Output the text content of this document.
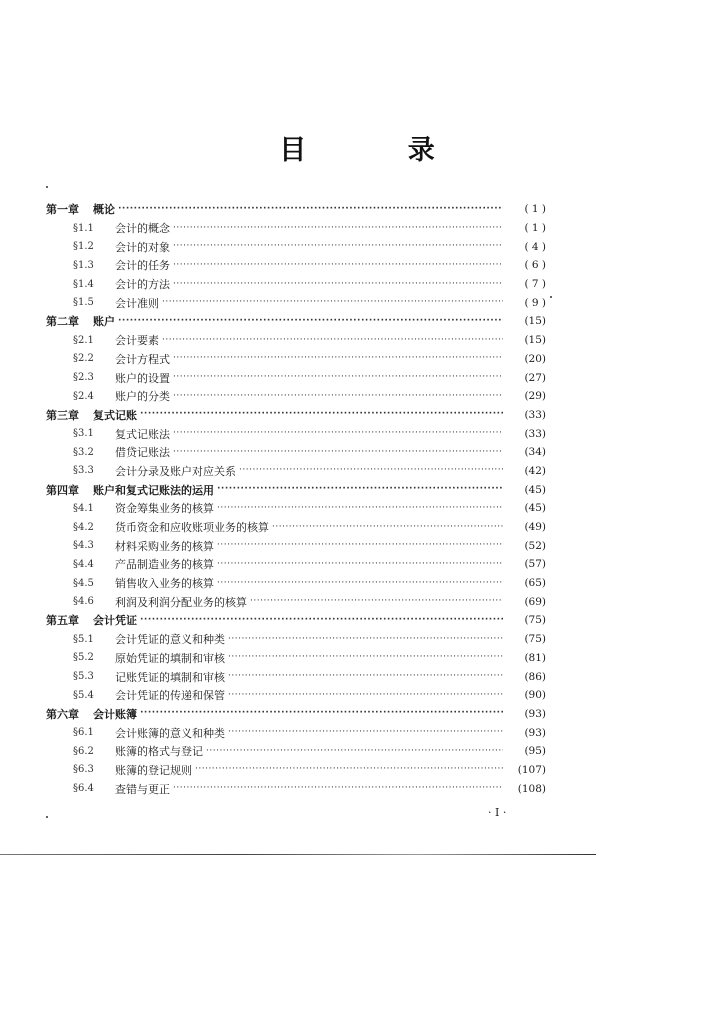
目 录
第一章 概论 ·····	( 1 )
§1.1	会计的概念 ·····	( 1 )
§1.2	会计的对象 ·····	( 4 )
§1.3	会计的任务 ·····	( 6 )
§1.4	会计的方法 ·····	( 7 )
§1.5	会计准则 ·····	( 9 )
第二章 账户 ·····	(15)
§2.1	会计要素 ·····	(15)
§2.2	会计方程式 ·····	(20)
§2.3	账户的设置 ·····	(27)
§2.4	账户的分类 ·····	(29)
第三章 复式记账 ·····	(33)
§3.1	复式记账法 ·····	(33)
§3.2	借贷记账法 ·····	(34)
§3.3	会计分录及账户对应关系 ·····	(42)
第四章 账户和复式记账法的运用 ·····	(45)
§4.1	资金筹集业务的核算 ·····	(45)
§4.2	货币资金和应收账项业务的核算 ·····	(49)
§4.3	材料采购业务的核算 ·····	(52)
§4.4	产品制造业务的核算 ·····	(57)
§4.5	销售收入业务的核算 ·····	(65)
§4.6	利润及利润分配业务的核算 ·····	(69)
第五章 会计凭证 ·····	(75)
§5.1	会计凭证的意义和种类 ·····	(75)
§5.2	原始凭证的填制和审核 ·····	(81)
§5.3	记账凭证的填制和审核 ·····	(86)
§5.4	会计凭证的传递和保管 ·····	(90)
第六章 会计账簿 ·····	(93)
§6.1	会计账簿的意义和种类 ·····	(93)
§6.2	账簿的格式与登记 ·····	(95)
§6.3	账簿的登记规则 ·····	(107)
§6.4	查错与更正 ·····	(108)
· I ·
